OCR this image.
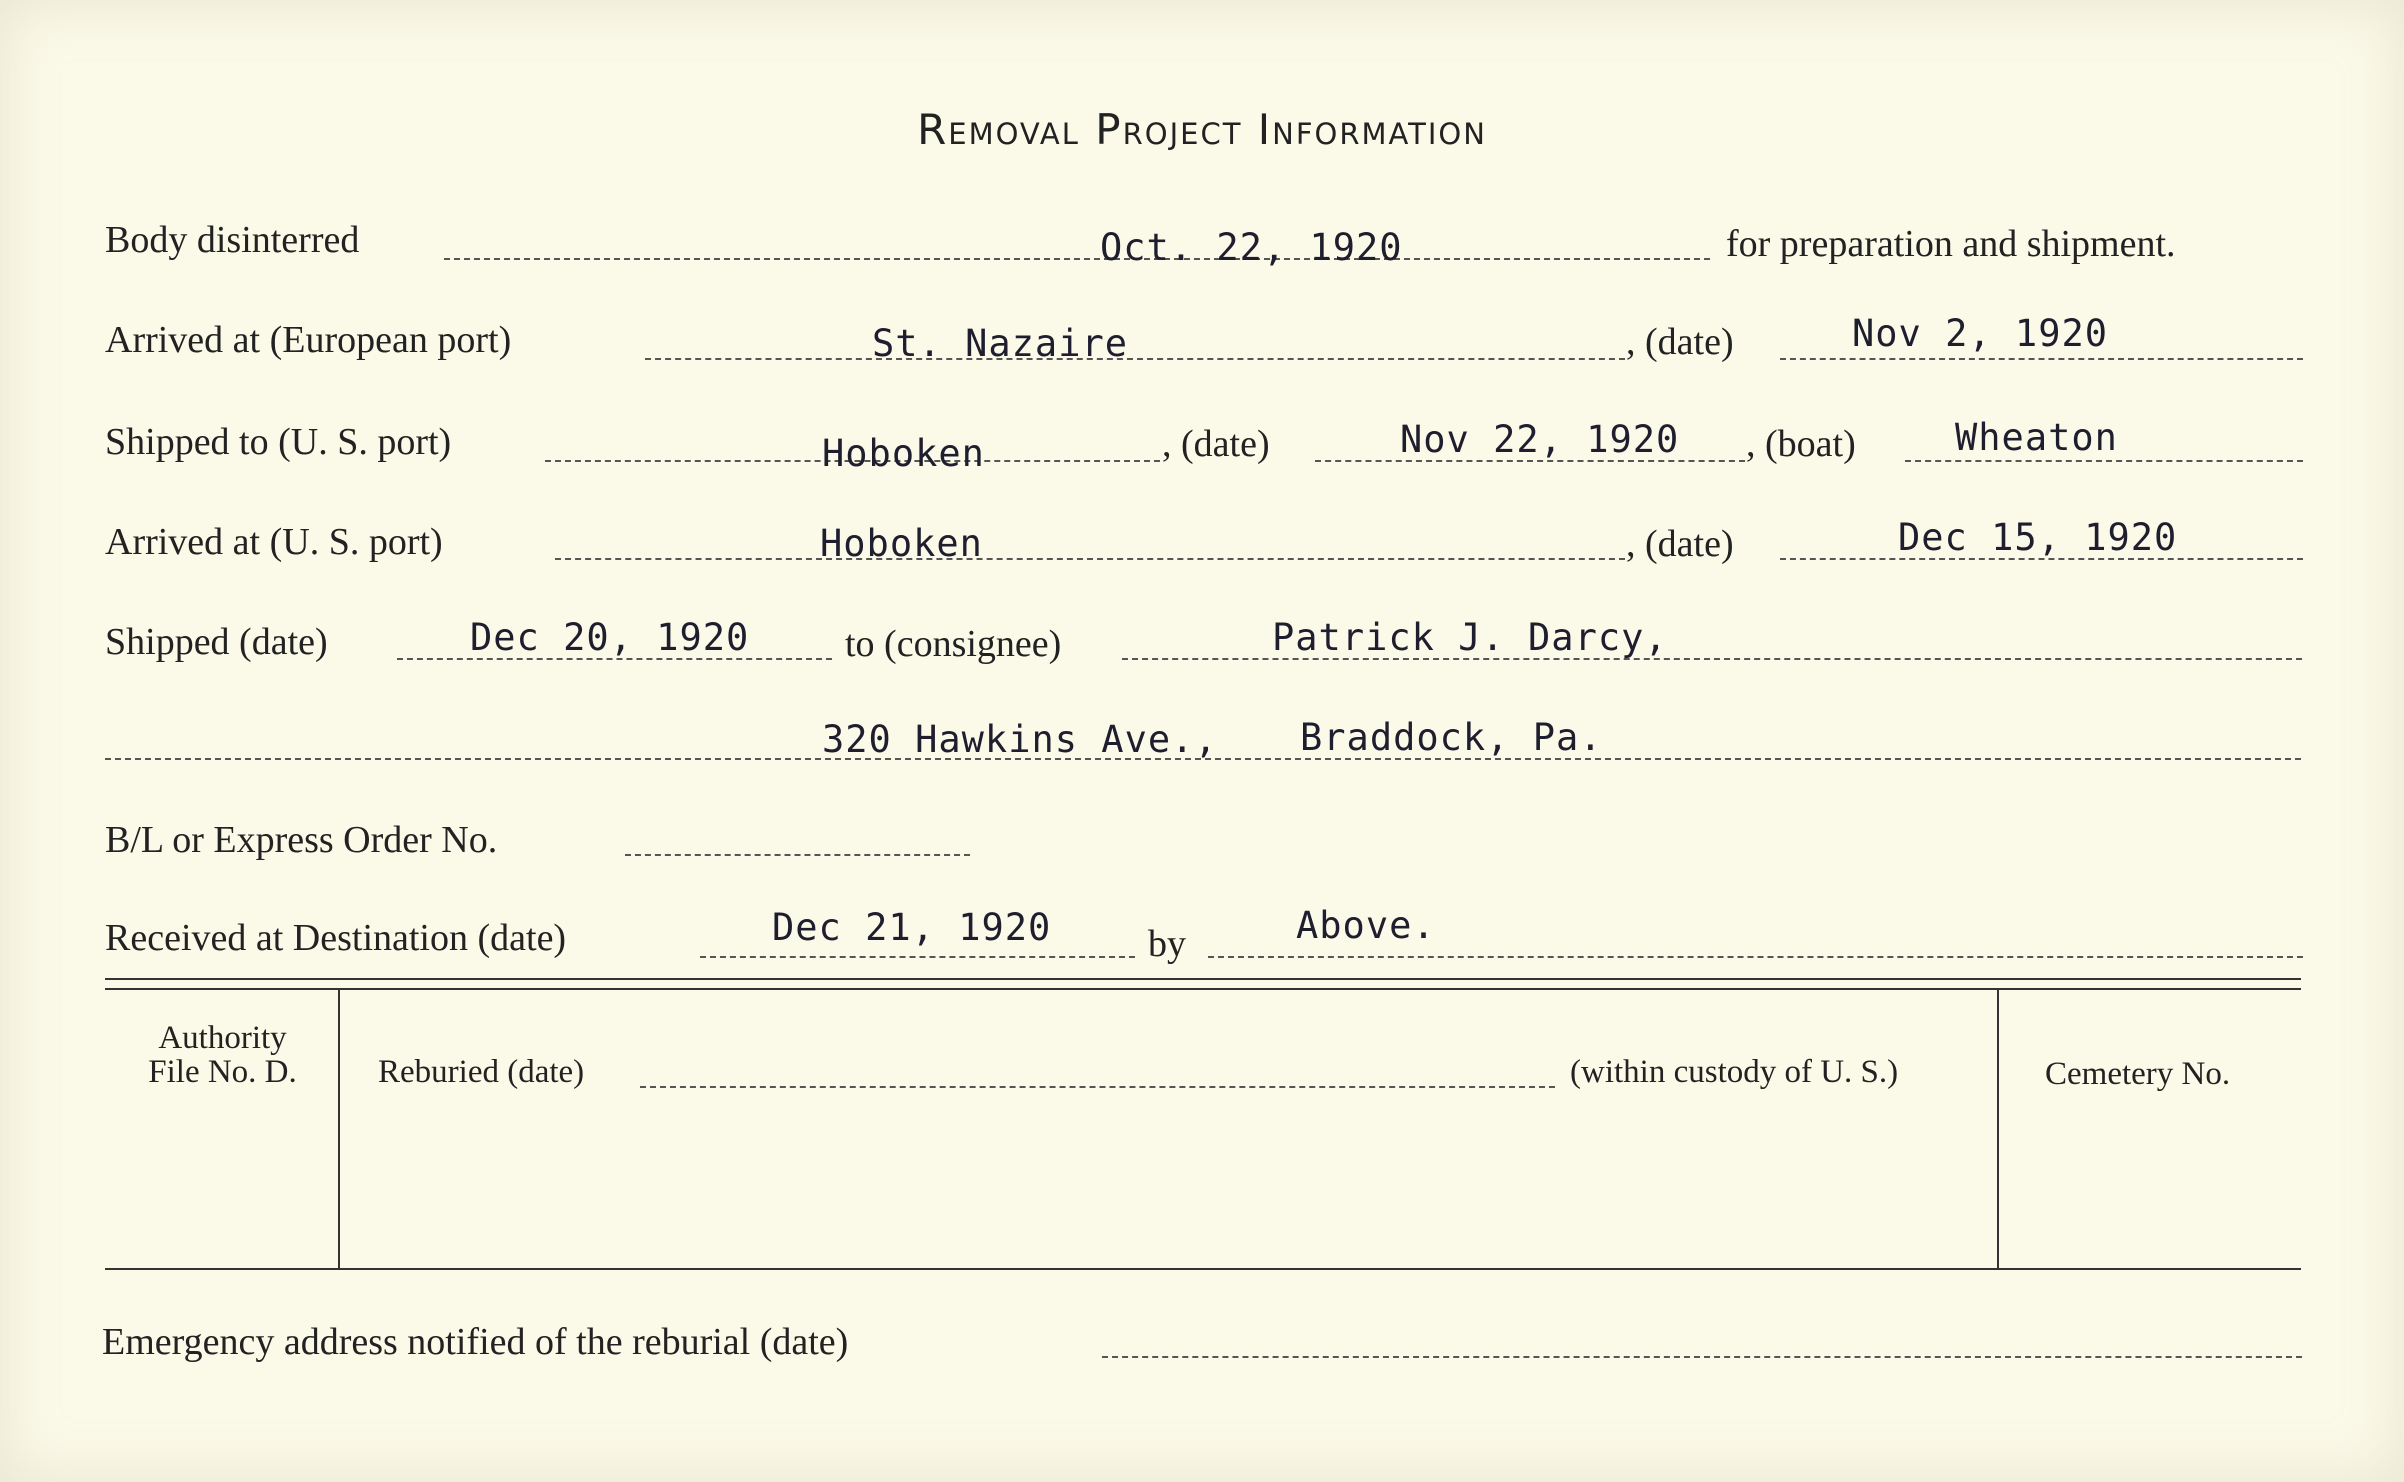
Removal Project Information
Body disinterred	Oct. 22, 1920	for preparation and shipment.
Arrived at (European port)	St. Nazaire	, (date)	Nov 2, 1920
Shipped to (U. S. port)	Hoboken	, (date)	Nov 22, 1920 , (boat)	Wheaton
Arrived at (U. S. port)	Hoboken	, (date)	Dec 15, 1920
Shipped (date)	Dec 20, 1920	to (consignee)	Patrick J. Darcy,
320 Hawkins Ave., Braddock, Pa.
B/L or Express Order No.
Received at Destination (date)	Dec 21, 1920	by	Above.
Authority
File No. D.	Reburied (date)	(within custody of U. S.)	Cemetery No.
Emergency address notified of the reburial (date)
